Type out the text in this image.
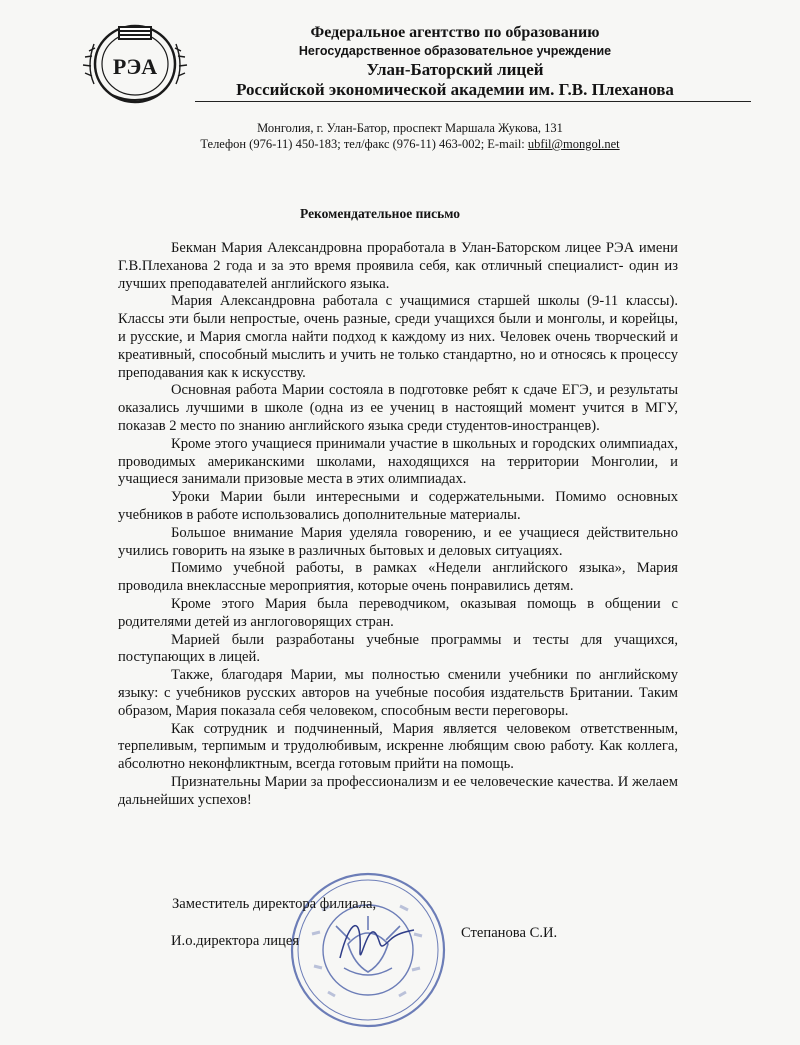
РЭА
Федеральное агентство по образованию
Негосударственное образовательное учреждение
Улан-Баторский лицей
Российской экономической академии им. Г.В. Плеханова
Монголия, г. Улан-Батор, проспект Маршала Жукова, 131
Телефон (976-11) 450-183; тел/факс (976-11) 463-002; E-mail: ubfil@mongol.net
Рекомендательное письмо

Бекман Мария Александровна проработала в Улан-Баторском лицее РЭА имени Г.В.Плеханова 2 года и за это время проявила себя, как отличный специалист- один из лучших преподавателей английского языка.

Мария Александровна работала с учащимися старшей школы (9-11 классы). Классы эти были непростые, очень разные, среди учащихся были и монголы, и корейцы, и русские, и Мария смогла найти подход к каждому из них. Человек очень творческий и креативный, способный мыслить и учить не только стандартно, но и относясь к процессу преподавания как к искусству.

Основная работа Марии состояла в подготовке ребят к сдаче ЕГЭ, и результаты оказались лучшими в школе (одна из ее учениц в настоящий момент учится в МГУ, показав 2 место по знанию английского языка среди студентов-иностранцев).

Кроме этого учащиеся принимали участие в школьных и городских олимпиадах, проводимых американскими школами, находящихся на территории Монголии, и учащиеся занимали призовые места в этих олимпиадах.

Уроки Марии были интересными и содержательными. Помимо основных учебников в работе использовались дополнительные материалы.

Большое внимание Мария уделяла говорению, и ее учащиеся действительно учились говорить на языке в различных бытовых и деловых ситуациях.

Помимо учебной работы, в рамках «Недели английского языка», Мария проводила внеклассные мероприятия, которые очень понравились детям.

Кроме этого Мария была переводчиком, оказывая помощь в общении с родителями детей из англоговорящих стран.

Марией были разработаны учебные программы и тесты для учащихся, поступающих в лицей.

Также, благодаря Марии, мы полностью сменили учебники по английскому языку: с учебников русских авторов на учебные пособия издательств Британии. Таким образом, Мария показала себя человеком, способным вести переговоры.

Как сотрудник и подчиненный, Мария является человеком ответственным, терпеливым, терпимым и трудолюбивым, искренне любящим свою работу. Как коллега, абсолютно неконфликтным, всегда готовым прийти на помощь.

Признательны Марии за профессионализм и ее человеческие качества. И желаем дальнейших успехов!

Заместитель директора филиала,
И.о.директора лицея	Степанова С.И.
